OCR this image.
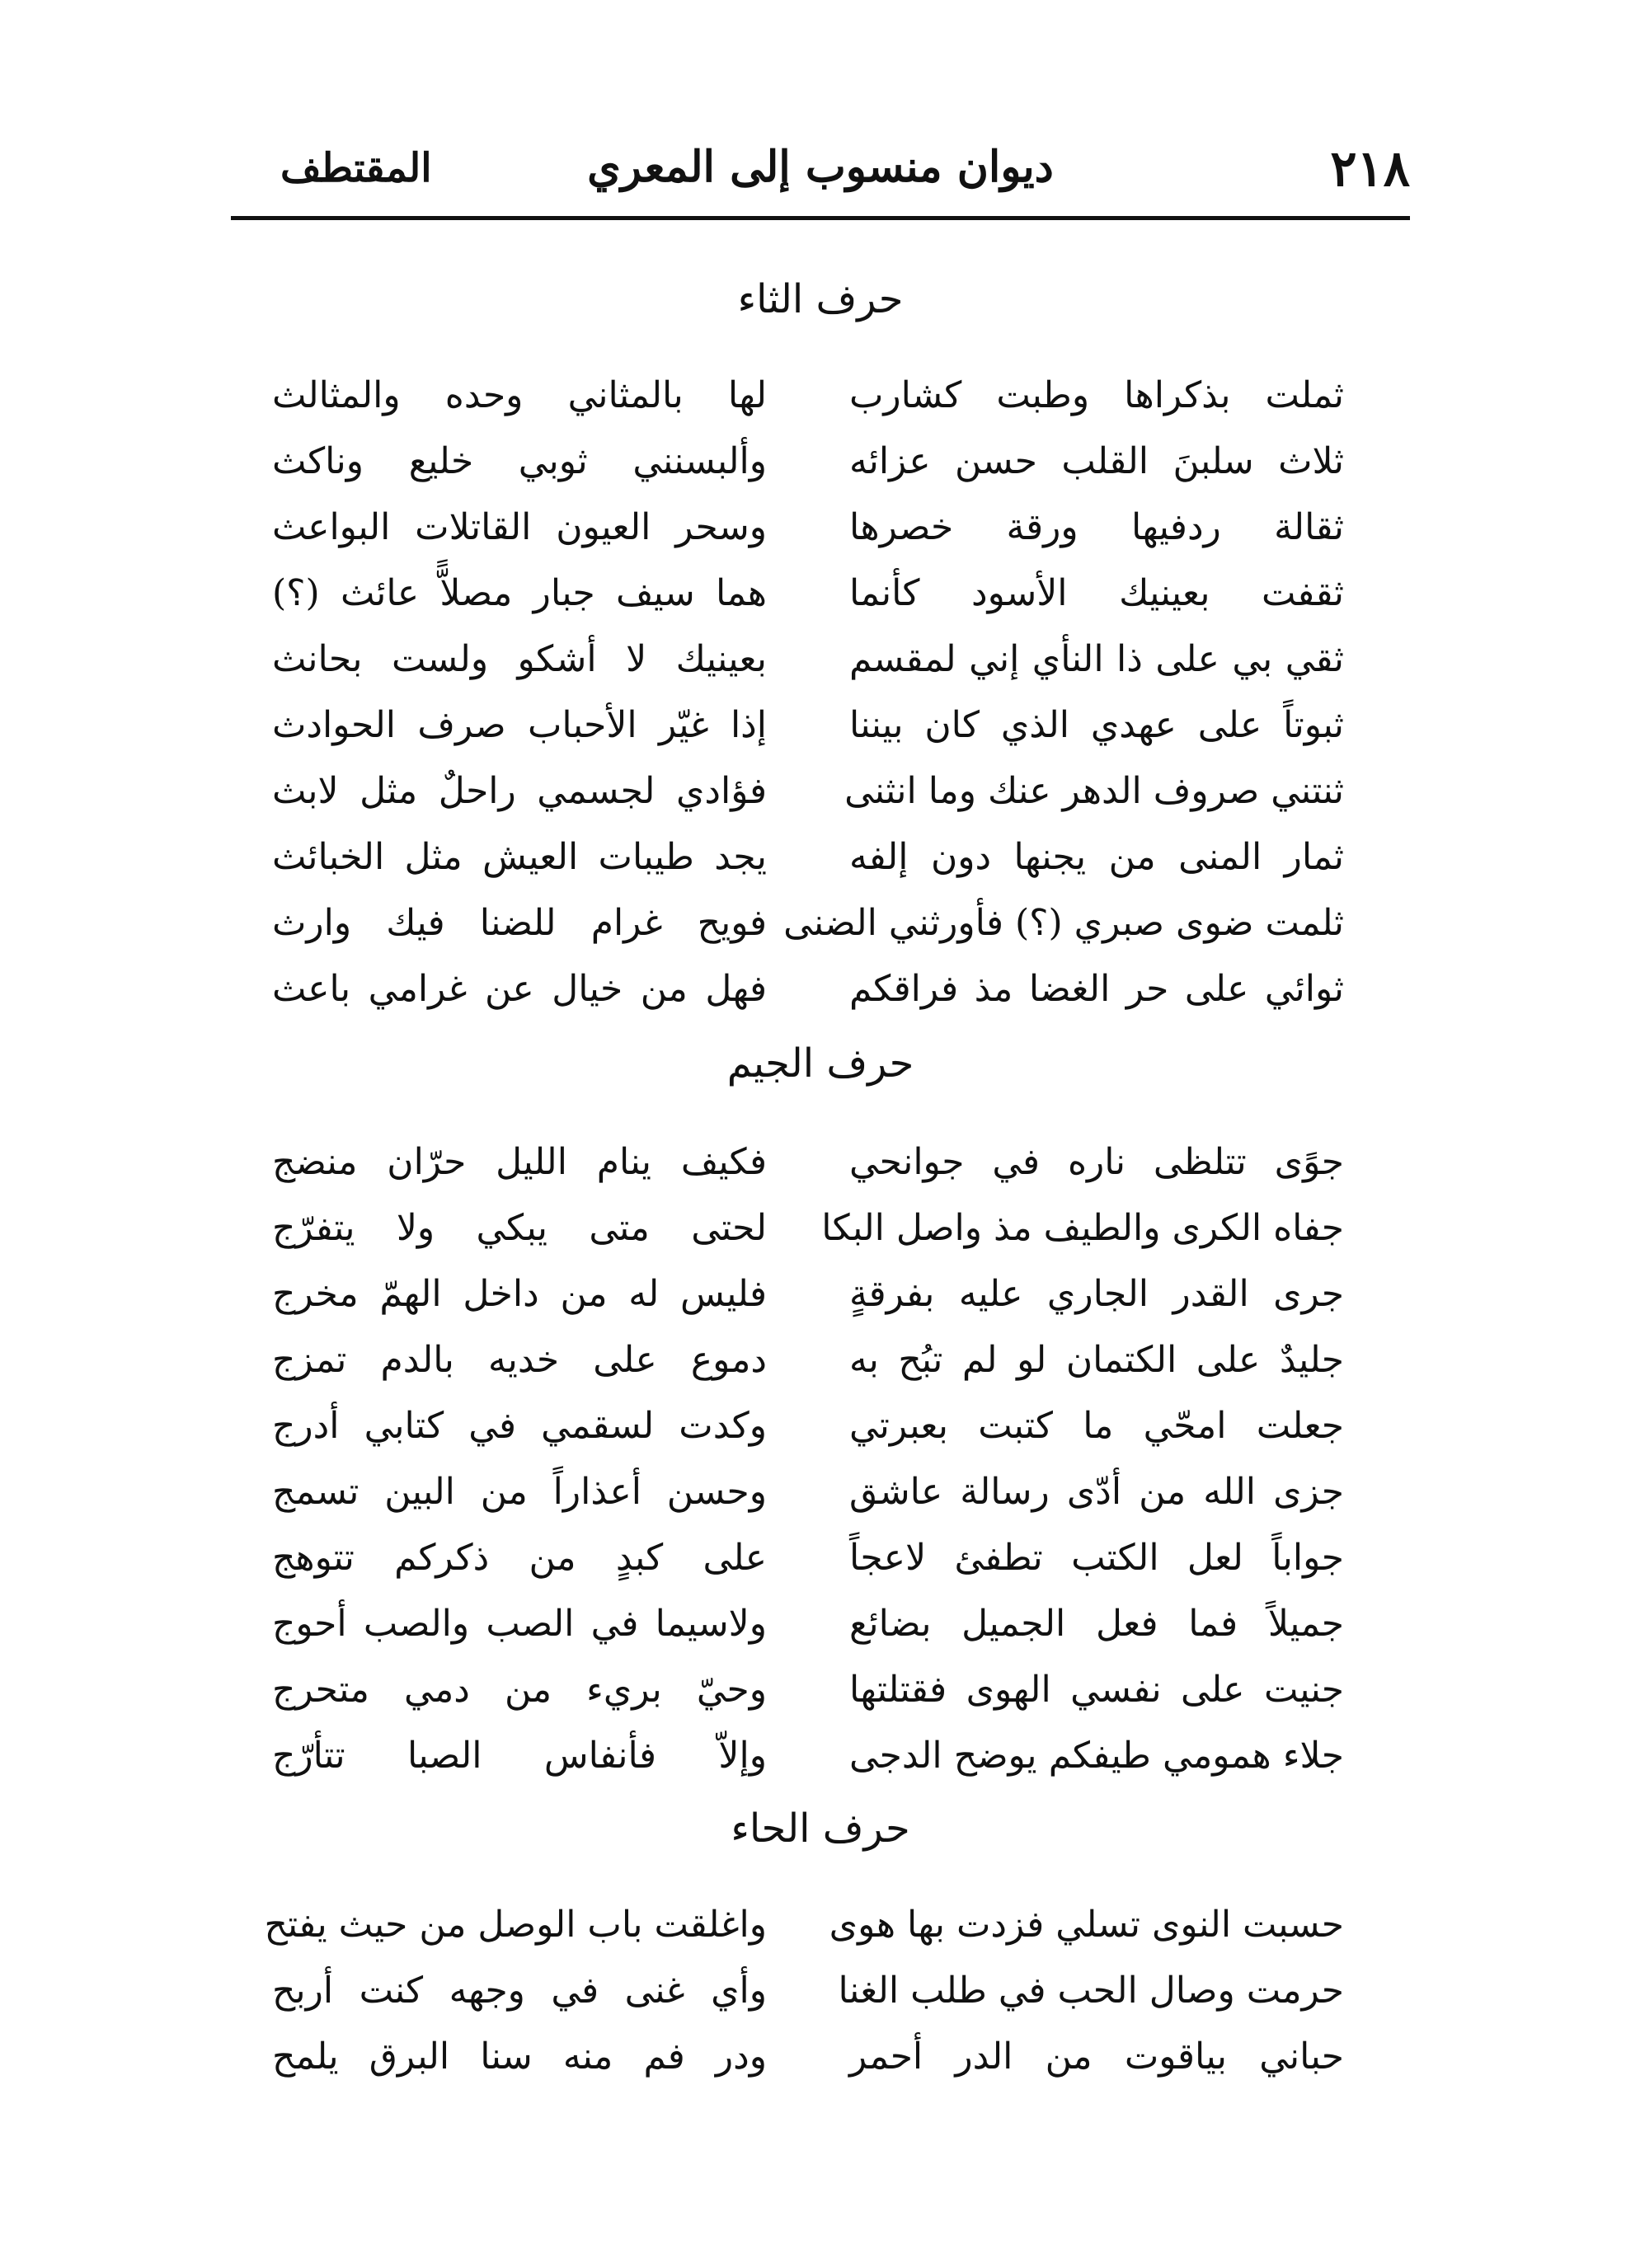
٢١٨
ديوان منسوب إلى المعري
المقتطف
حرف الثاء
ثملت بذكراها وطبت كشارب
لها بالمثاني وحده والمثالث
ثلاث سلبنَ القلب حسن عزائه
وألبسنني ثوبي خليع وناكث
ثقالة ردفيها ورقة خصرها
وسحر العيون القاتلات البواعث
ثقفت بعينيك الأسود كأنما
هما سيف جبار مصلاًّ عائث (؟)
ثقي بي على ذا النأي إني لمقسم
بعينيك لا أشكو ولست بحانث
ثبوتاً على عهدي الذي كان بيننا
إذا غيّر الأحباب صرف الحوادث
ثنتني صروف الدهر عنك وما انثنى
فؤادي لجسمي راحلٌ مثل لابث
ثمار المنى من يجنها دون إلفه
يجد طيبات العيش مثل الخبائث
ثلمت ضوى صبري (؟) فأورثني الضنى
فويح غرام للضنا فيك وارث
ثوائي على حر الغضا مذ فراقكم
فهل من خيال عن غرامي باعث
حرف الجيم
جوًى تتلظى ناره في جوانحي
فكيف ينام الليل حرّان منضج
جفاه الكرى والطيف مذ واصل البكا
لحتى متى يبكي ولا يتفرّج
جرى القدر الجاري عليه بفرقةٍ
فليس له من داخل الهمّ مخرج
جليدٌ على الكتمان لو لم تبُح به
دموع على خديه بالدم تمزج
جعلت امحّي ما كتبت بعبرتي
وكدت لسقمي في كتابي أدرج
جزى الله من أدّى رسالة عاشق
وحسن أعذاراً من البين تسمج
جواباً لعل الكتب تطفئ لاعجاً
على كبدٍ من ذكركم تتوهج
جميلاً فما فعل الجميل بضائع
ولاسيما في الصب والصب أحوج
جنيت على نفسي الهوى فقتلتها
وحيّ بريء من دمي متحرج
جلاء همومي طيفكم يوضح الدجى
وإلاّ فأنفاس الصبا تتأرّج
حرف الحاء
حسبت النوى تسلي فزدت بها هوى
واغلقت باب الوصل من حيث يفتح
حرمت وصال الحب في طلب الغنا
وأي غنى في وجهه كنت أربح
حباني بياقوت من الدر أحمر
ودر فم منه سنا البرق يلمح
